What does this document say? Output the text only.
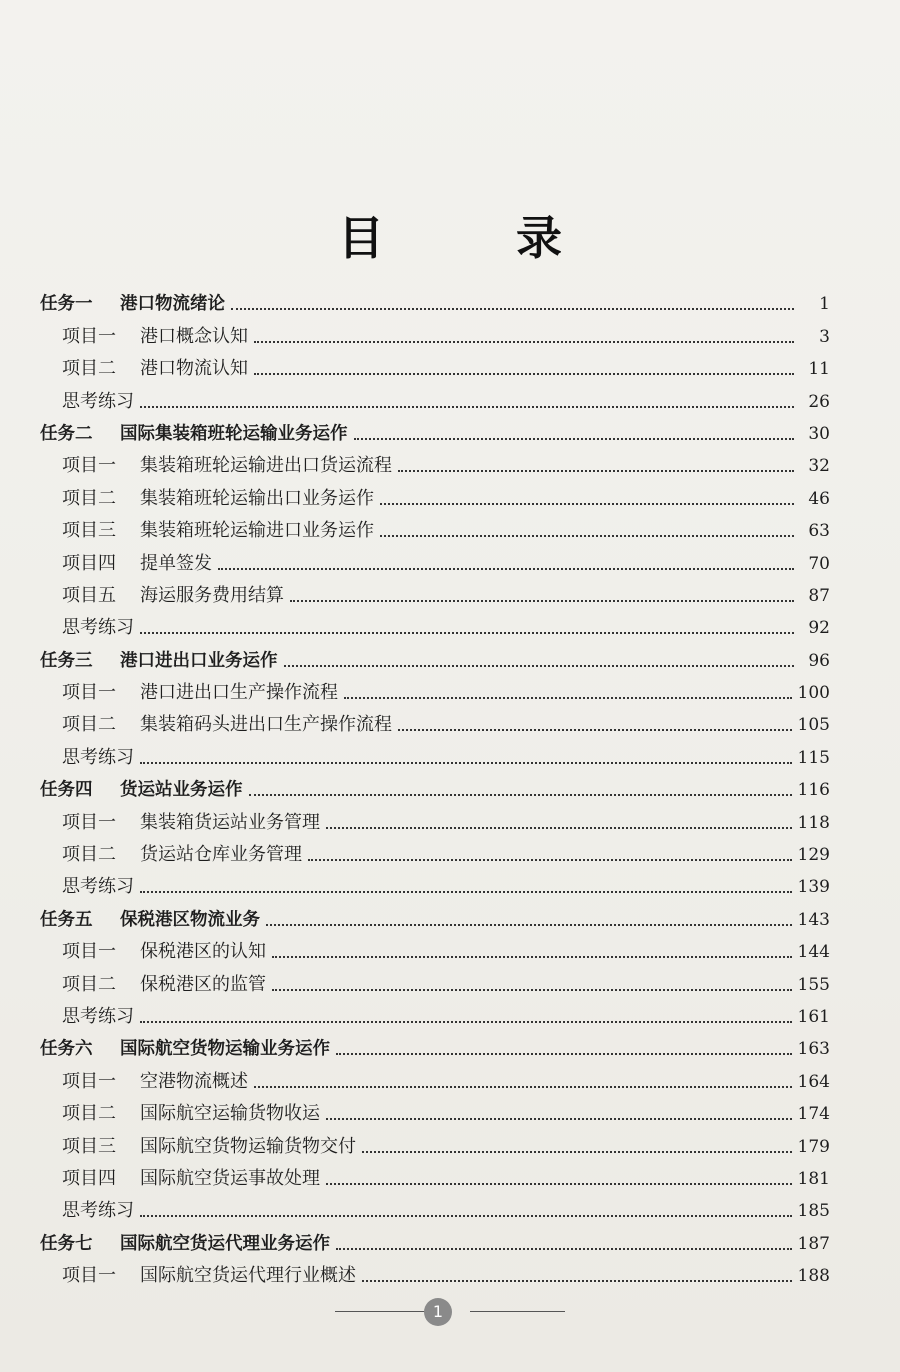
目 录
任务一	港口物流绪论	1
项目一	港口概念认知	3
项目二	港口物流认知	11
思考练习	26
任务二	国际集装箱班轮运输业务运作	30
项目一	集装箱班轮运输进出口货运流程	32
项目二	集装箱班轮运输出口业务运作	46
项目三	集装箱班轮运输进口业务运作	63
项目四	提单签发	70
项目五	海运服务费用结算	87
思考练习	92
任务三	港口进出口业务运作	96
项目一	港口进出口生产操作流程	100
项目二	集装箱码头进出口生产操作流程	105
思考练习	115
任务四	货运站业务运作	116
项目一	集装箱货运站业务管理	118
项目二	货运站仓库业务管理	129
思考练习	139
任务五	保税港区物流业务	143
项目一	保税港区的认知	144
项目二	保税港区的监管	155
思考练习	161
任务六	国际航空货物运输业务运作	163
项目一	空港物流概述	164
项目二	国际航空运输货物收运	174
项目三	国际航空货物运输货物交付	179
项目四	国际航空货运事故处理	181
思考练习	185
任务七	国际航空货运代理业务运作	187
项目一	国际航空货运代理行业概述	188
1
